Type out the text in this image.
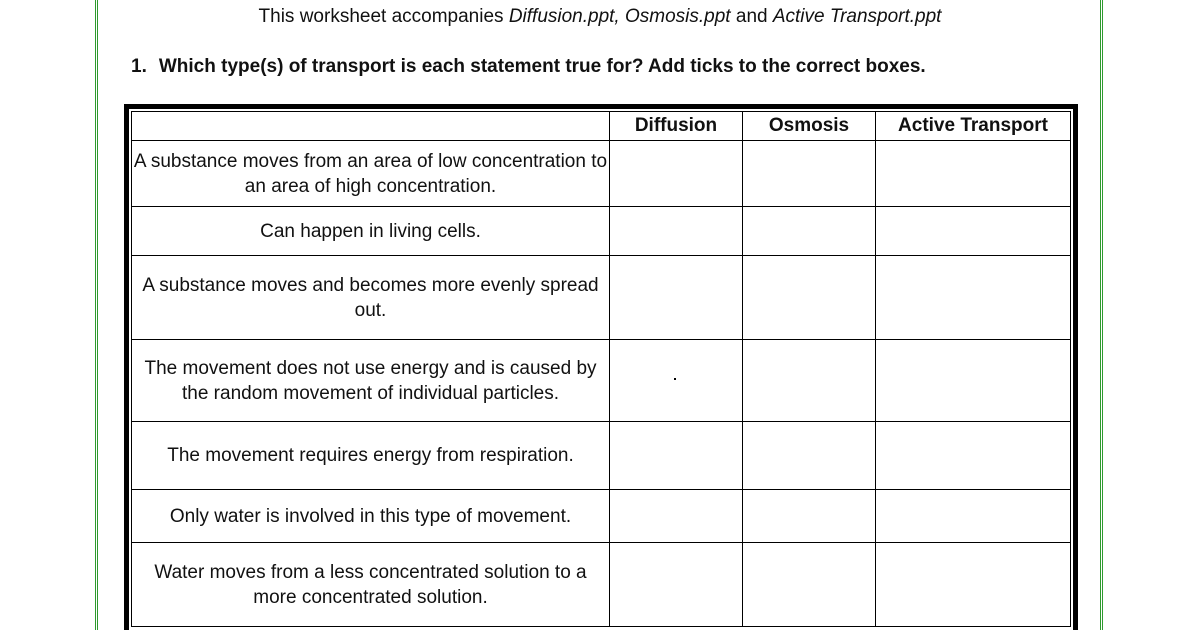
This worksheet accompanies Diffusion.ppt, Osmosis.ppt and Active Transport.ppt
1. Which type(s) of transport is each statement true for? Add ticks to the correct boxes.
	Diffusion	Osmosis	Active Transport
A substance moves from an area of low concentration to an area of high concentration.			
Can happen in living cells.			
A substance moves and becomes more evenly spread out.			
The movement does not use energy and is caused by the random movement of individual particles.	

The movement requires energy from respiration.			
Only water is involved in this type of movement.			
Water moves from a less concentrated solution to a more concentrated solution.			
